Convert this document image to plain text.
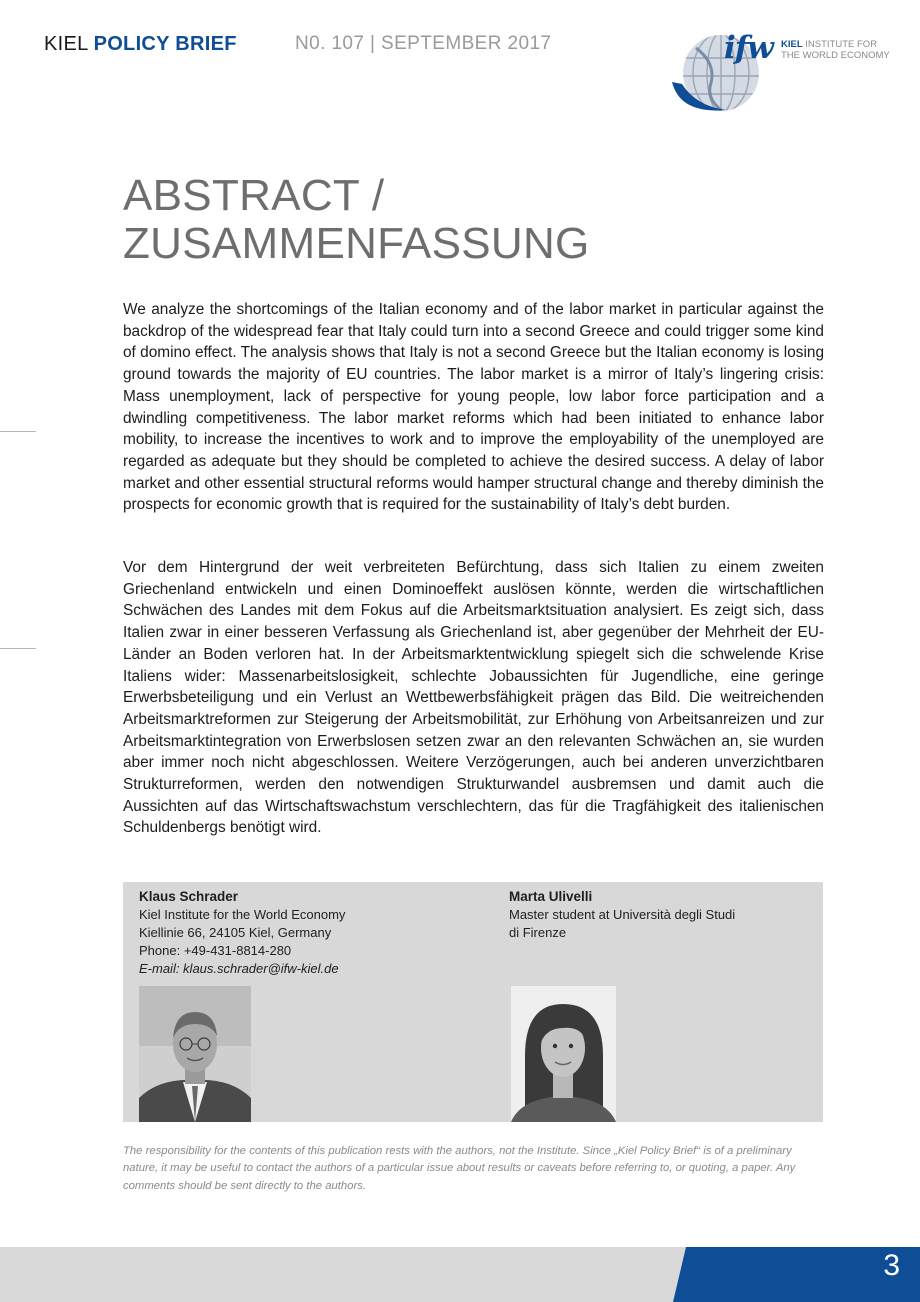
KIEL POLICY BRIEF	N0. 107 | SEPTEMBER 2017	ifw KIEL INSTITUTE FOR
THE WORLD ECONOMY
ABSTRACT /
ZUSAMMENFASSUNG

We analyze the shortcomings of the Italian economy and of the labor market in particular against the backdrop of the widespread fear that Italy could turn into a second Greece and could trigger some kind of domino effect. The analysis shows that Italy is not a second Greece but the Italian economy is losing ground towards the majority of EU countries. The labor market is a mirror of Italy’s lingering crisis: Mass unemployment, lack of perspective for young people, low labor force participation and a dwindling competitiveness. The labor market reforms which had been initiated to enhance labor mobility, to increase the incentives to work and to improve the employability of the unemployed are regarded as adequate but they should be completed to achieve the desired success. A delay of labor market and other essential structural reforms would hamper structural change and thereby diminish the prospects for economic growth that is required for the sustainability of Italy’s debt burden.

Vor dem Hintergrund der weit verbreiteten Befürchtung, dass sich Italien zu einem zweiten Griechenland entwickeln und einen Dominoeffekt auslösen könnte, werden die wirtschaftlichen Schwächen des Landes mit dem Fokus auf die Arbeitsmarktsituation analysiert. Es zeigt sich, dass Italien zwar in einer besseren Verfassung als Griechenland ist, aber gegenüber der Mehrheit der EU-Länder an Boden verloren hat. In der Arbeitsmarktentwicklung spiegelt sich die schwelende Krise Italiens wider: Massenarbeitslosigkeit, schlechte Jobaussichten für Jugendliche, eine geringe Erwerbsbeteiligung und ein Verlust an Wettbewerbsfähigkeit prägen das Bild. Die weitreichenden Arbeitsmarktreformen zur Steigerung der Arbeitsmobilität, zur Erhöhung von Arbeitsanreizen und zur Arbeitsmarktintegration von Erwerbslosen setzen zwar an den relevanten Schwächen an, sie wurden aber immer noch nicht abgeschlossen. Weitere Verzögerungen, auch bei anderen unverzichtbaren Strukturreformen, werden den notwendigen Strukturwandel ausbremsen und damit auch die Aussichten auf das Wirtschaftswachstum verschlechtern, das für die Tragfähigkeit des italienischen Schuldenbergs benötigt wird.

Klaus Schrader
Kiel Institute for the World Economy
Kiellinie 66, 24105 Kiel, Germany
Phone: +49-431-8814-280
E-mail: klaus.schrader@ifw-kiel.de
Marta Ulivelli
Master student at Università degli Studi
di Firenze

The responsibility for the contents of this publication rests with the authors, not the Institute. Since „Kiel Policy Brief“ is of a preliminary nature, it may be useful to contact the authors of a particular issue about results or caveats before referring to, or quoting, a paper. Any comments should be sent directly to the authors.

3
